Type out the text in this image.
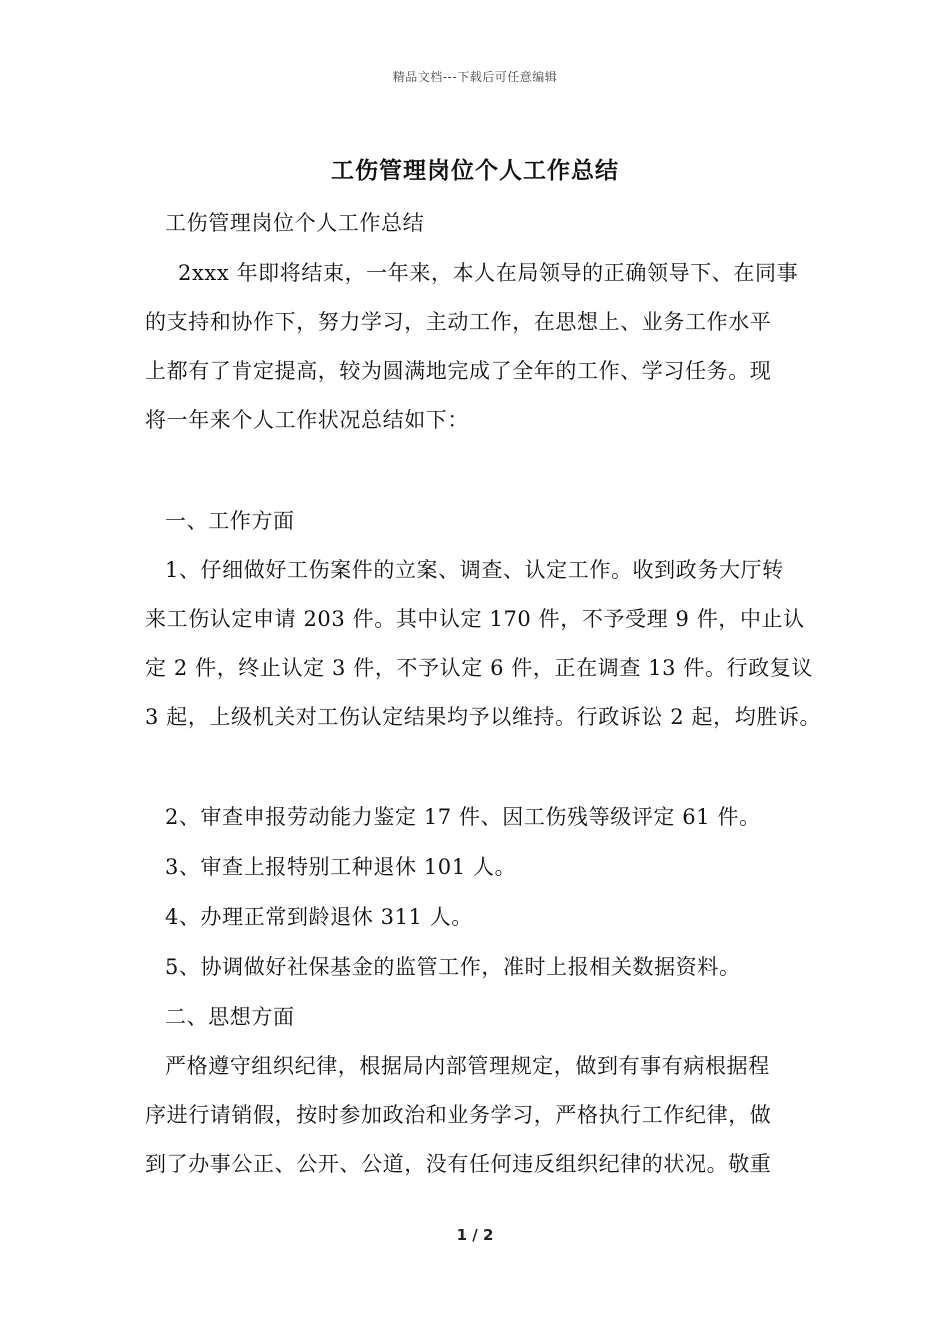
精品文档---下载后可任意编辑
工伤管理岗位个人工作总结
工伤管理岗位个人工作总结
2xxx 年即将结束，一年来，本人在局领导的正确领导下、在同事
的支持和协作下，努力学习，主动工作，在思想上、业务工作水平
上都有了肯定提高，较为圆满地完成了全年的工作、学习任务。现
将一年来个人工作状况总结如下：
一、工作方面
1、仔细做好工伤案件的立案、调查、认定工作。收到政务大厅转
来工伤认定申请 203 件。其中认定 170 件，不予受理 9 件，中止认
定 2 件，终止认定 3 件，不予认定 6 件，正在调查 13 件。行政复议
3 起，上级机关对工伤认定结果均予以维持。行政诉讼 2 起，均胜诉。
2、审查申报劳动能力鉴定 17 件、因工伤残等级评定 61 件。
3、审查上报特别工种退休 101 人。
4、办理正常到龄退休 311 人。
5、协调做好社保基金的监管工作，准时上报相关数据资料。
二、思想方面
严格遵守组织纪律，根据局内部管理规定，做到有事有病根据程
序进行请销假，按时参加政治和业务学习，严格执行工作纪律，做
到了办事公正、公开、公道，没有任何违反组织纪律的状况。敬重
1 / 2
